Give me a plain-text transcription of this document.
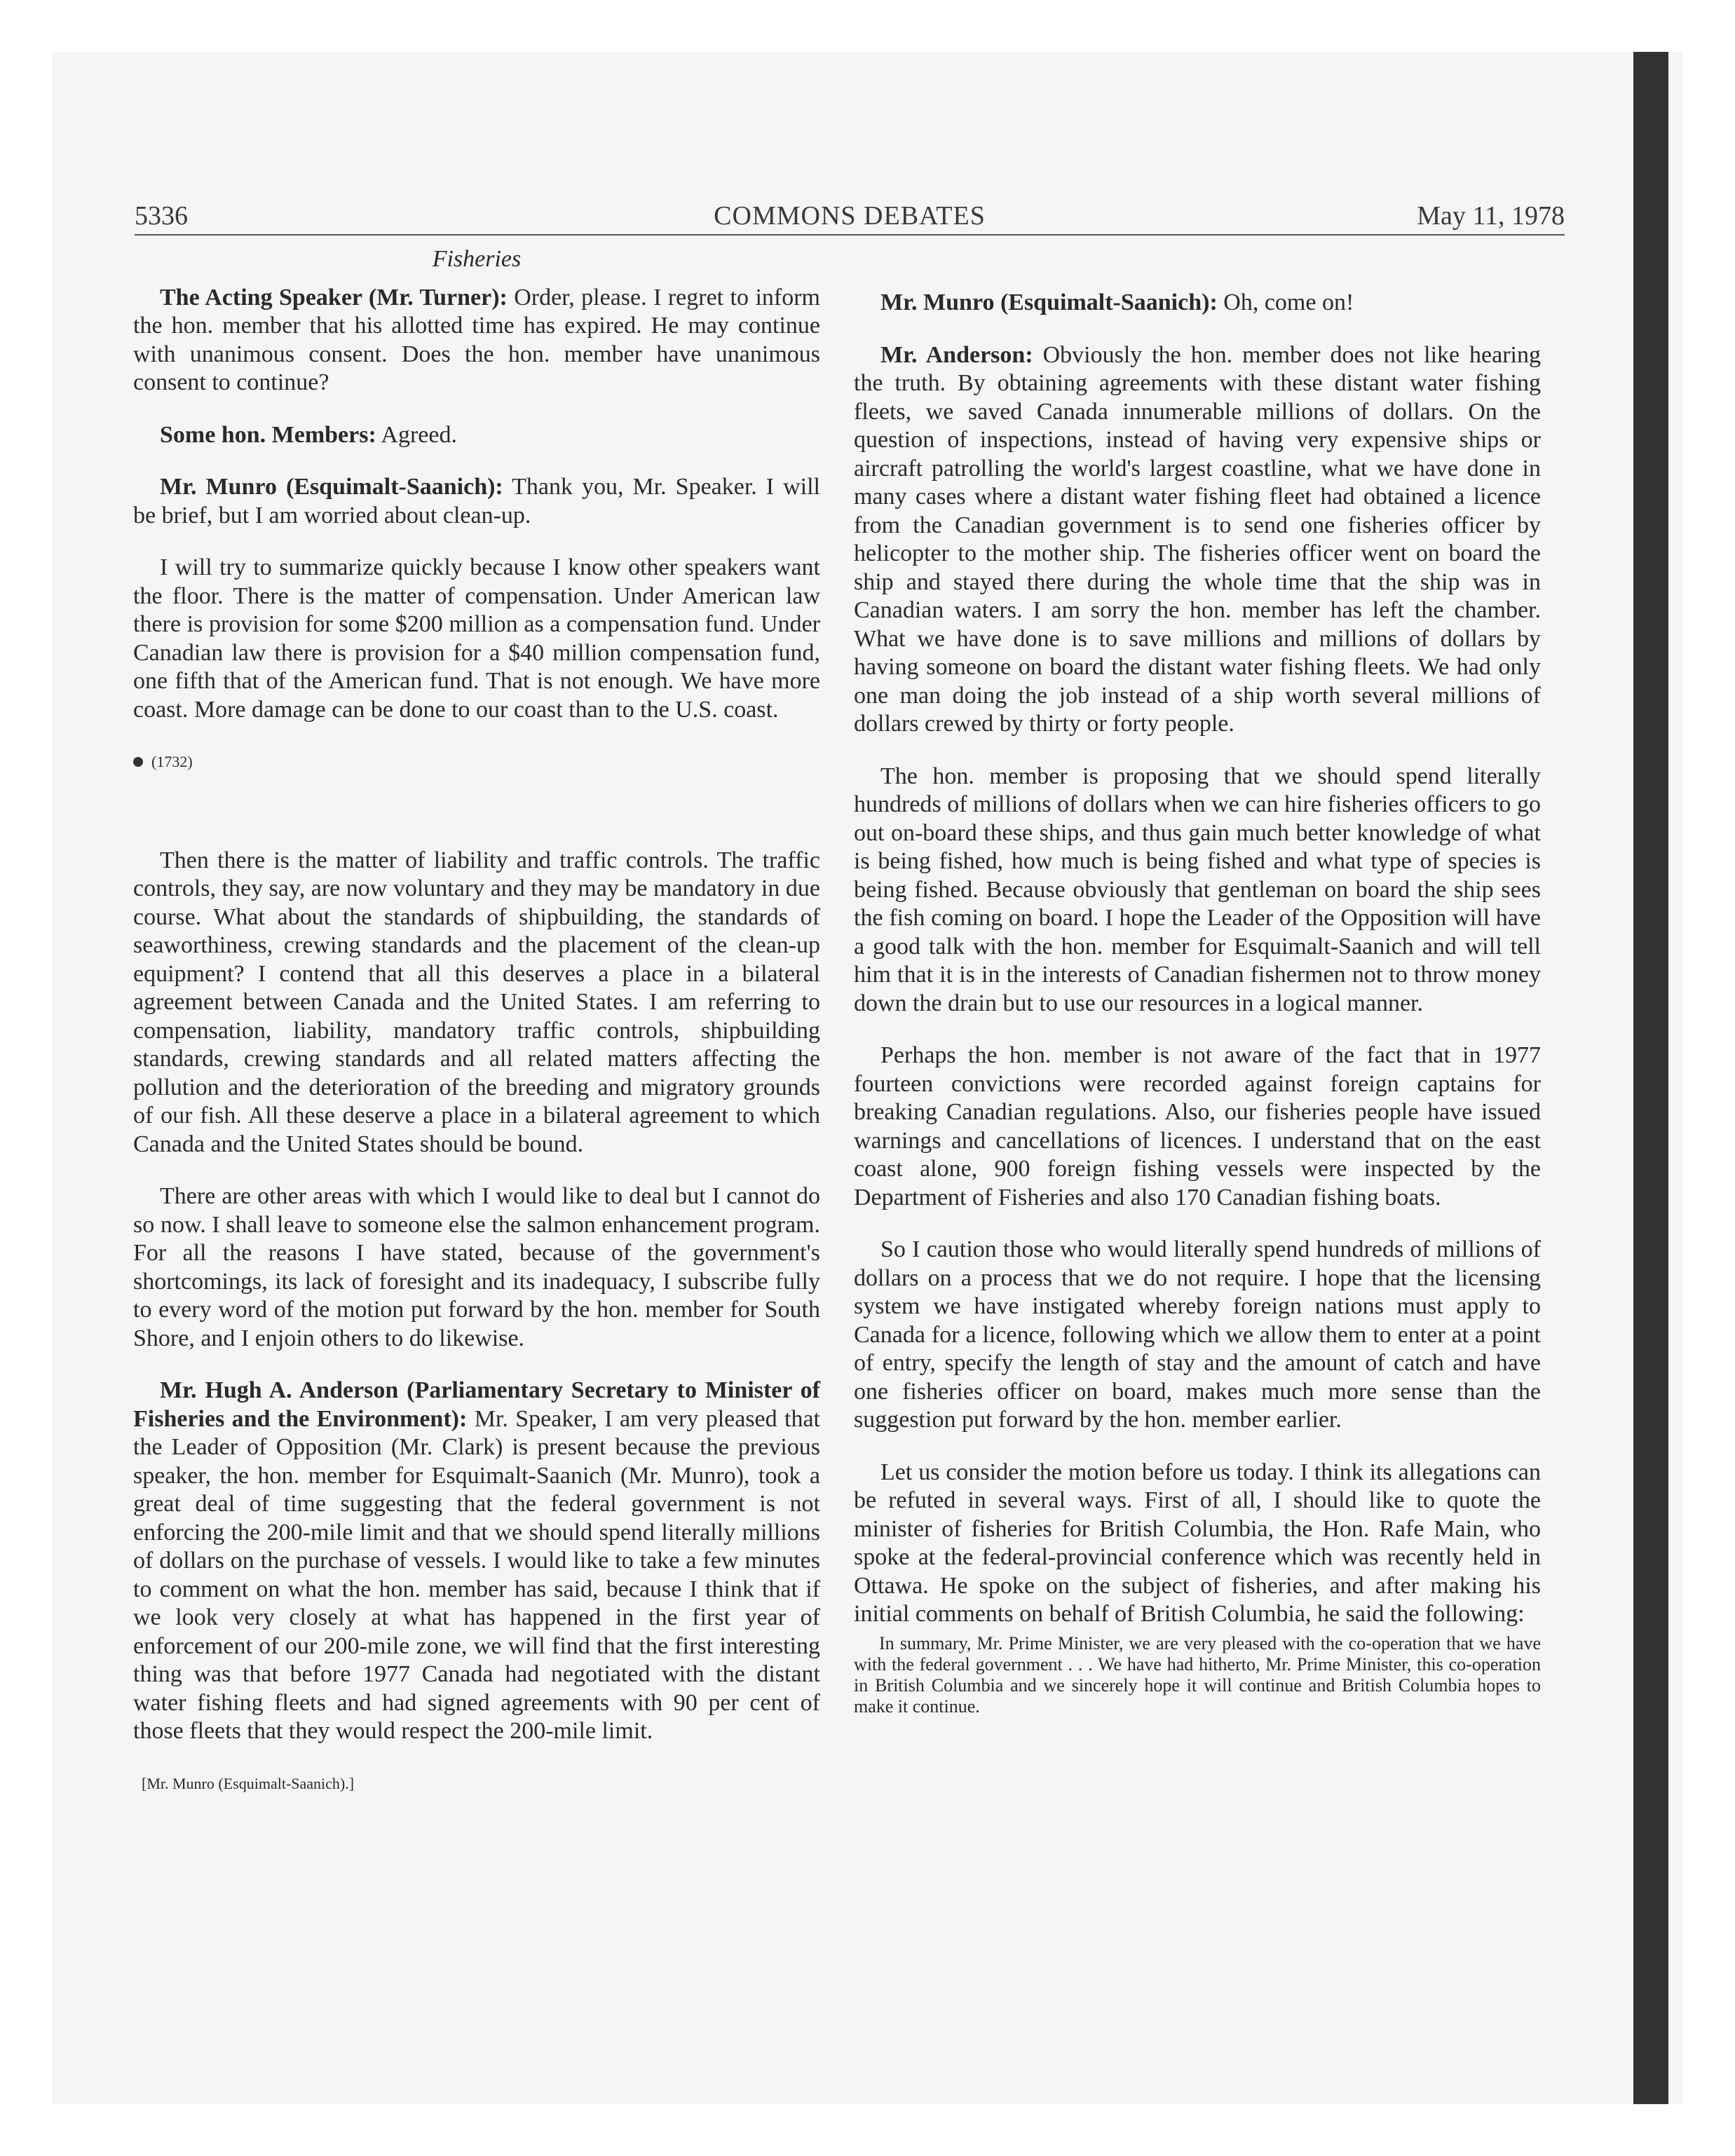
COMMONS DEBATES
5336	May 11, 1978
Fisheries

The Acting Speaker (Mr. Turner): Order, please. I regret to inform the hon. member that his allotted time has expired. He may continue with unanimous consent. Does the hon. member have unanimous consent to continue?

Some hon. Members: Agreed.

Mr. Munro (Esquimalt-Saanich): Thank you, Mr. Speaker. I will be brief, but I am worried about clean-up.

I will try to summarize quickly because I know other speakers want the floor. There is the matter of compensation. Under American law there is provision for some $200 million as a compensation fund. Under Canadian law there is provision for a $40 million compensation fund, one fifth that of the American fund. That is not enough. We have more coast. More damage can be done to our coast than to the U.S. coast.

(1732)

Then there is the matter of liability and traffic controls. The traffic controls, they say, are now voluntary and they may be mandatory in due course. What about the standards of shipbuilding, the standards of seaworthiness, crewing standards and the placement of the clean-up equipment? I contend that all this deserves a place in a bilateral agreement between Canada and the United States. I am referring to compensation, liability, mandatory traffic controls, shipbuilding standards, crewing standards and all related matters affecting the pollution and the deterioration of the breeding and migratory grounds of our fish. All these deserve a place in a bilateral agreement to which Canada and the United States should be bound.

There are other areas with which I would like to deal but I cannot do so now. I shall leave to someone else the salmon enhancement program. For all the reasons I have stated, because of the government's shortcomings, its lack of foresight and its inadequacy, I subscribe fully to every word of the motion put forward by the hon. member for South Shore, and I enjoin others to do likewise.

Mr. Hugh A. Anderson (Parliamentary Secretary to Minister of Fisheries and the Environment): Mr. Speaker, I am very pleased that the Leader of Opposition (Mr. Clark) is present because the previous speaker, the hon. member for Esquimalt-Saanich (Mr. Munro), took a great deal of time suggesting that the federal government is not enforcing the 200-mile limit and that we should spend literally millions of dollars on the purchase of vessels. I would like to take a few minutes to comment on what the hon. member has said, because I think that if we look very closely at what has happened in the first year of enforcement of our 200-mile zone, we will find that the first interesting thing was that before 1977 Canada had negotiated with the distant water fishing fleets and had signed agreements with 90 per cent of those fleets that they would respect the 200-mile limit.

[Mr. Munro (Esquimalt-Saanich).]

Mr. Munro (Esquimalt-Saanich): Oh, come on!

Mr. Anderson: Obviously the hon. member does not like hearing the truth. By obtaining agreements with these distant water fishing fleets, we saved Canada innumerable millions of dollars. On the question of inspections, instead of having very expensive ships or aircraft patrolling the world's largest coastline, what we have done in many cases where a distant water fishing fleet had obtained a licence from the Canadian government is to send one fisheries officer by helicopter to the mother ship. The fisheries officer went on board the ship and stayed there during the whole time that the ship was in Canadian waters. I am sorry the hon. member has left the chamber. What we have done is to save millions and millions of dollars by having someone on board the distant water fishing fleets. We had only one man doing the job instead of a ship worth several millions of dollars crewed by thirty or forty people.

The hon. member is proposing that we should spend literally hundreds of millions of dollars when we can hire fisheries officers to go out on-board these ships, and thus gain much better knowledge of what is being fished, how much is being fished and what type of species is being fished. Because obviously that gentleman on board the ship sees the fish coming on board. I hope the Leader of the Opposition will have a good talk with the hon. member for Esquimalt-Saanich and will tell him that it is in the interests of Canadian fishermen not to throw money down the drain but to use our resources in a logical manner.

Perhaps the hon. member is not aware of the fact that in 1977 fourteen convictions were recorded against foreign captains for breaking Canadian regulations. Also, our fisheries people have issued warnings and cancellations of licences. I understand that on the east coast alone, 900 foreign fishing vessels were inspected by the Department of Fisheries and also 170 Canadian fishing boats.

So I caution those who would literally spend hundreds of millions of dollars on a process that we do not require. I hope that the licensing system we have instigated whereby foreign nations must apply to Canada for a licence, following which we allow them to enter at a point of entry, specify the length of stay and the amount of catch and have one fisheries officer on board, makes much more sense than the suggestion put forward by the hon. member earlier.

Let us consider the motion before us today. I think its allegations can be refuted in several ways. First of all, I should like to quote the minister of fisheries for British Columbia, the Hon. Rafe Main, who spoke at the federal-provincial conference which was recently held in Ottawa. He spoke on the subject of fisheries, and after making his initial comments on behalf of British Columbia, he said the following:

In summary, Mr. Prime Minister, we are very pleased with the co-operation that we have with the federal government . . . We have had hitherto, Mr. Prime Minister, this co-operation in British Columbia and we sincerely hope it will continue and British Columbia hopes to make it continue.
